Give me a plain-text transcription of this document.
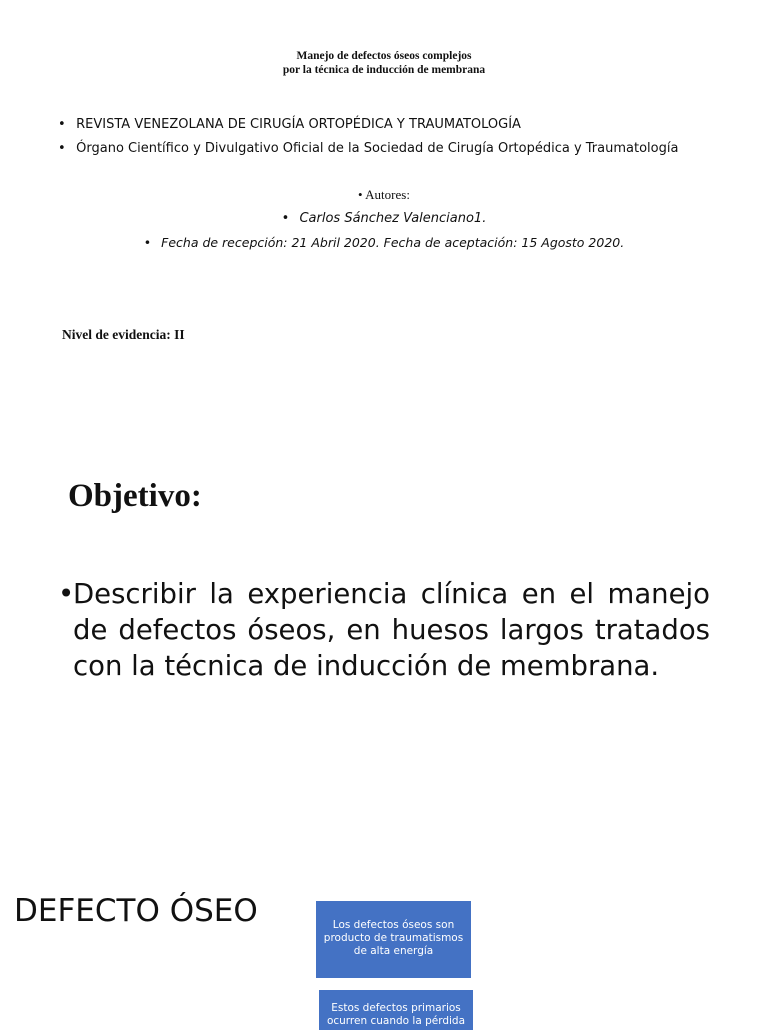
Manejo de defectos óseos complejos
por la técnica de inducción de membrana
• REVISTA VENEZOLANA DE CIRUGÍA ORTOPÉDICA Y TRAUMATOLOGÍA
• Órgano Científico y Divulgativo Oficial de la Sociedad de Cirugía Ortopédica y Traumatología
• Autores:
• Carlos Sánchez Valenciano1.
• Fecha de recepción: 21 Abril 2020. Fecha de aceptación: 15 Agosto 2020.
Nivel de evidencia: II
Objetivo:
•
Describir la experiencia clínica en el manejo de defectos óseos, en huesos largos tratados con la técnica de inducción de membrana.
DEFECTO ÓSEO	Los defectos óseos son producto de traumatismos de alta energía
Estos defectos primarios ocurren cuando la pérdida
